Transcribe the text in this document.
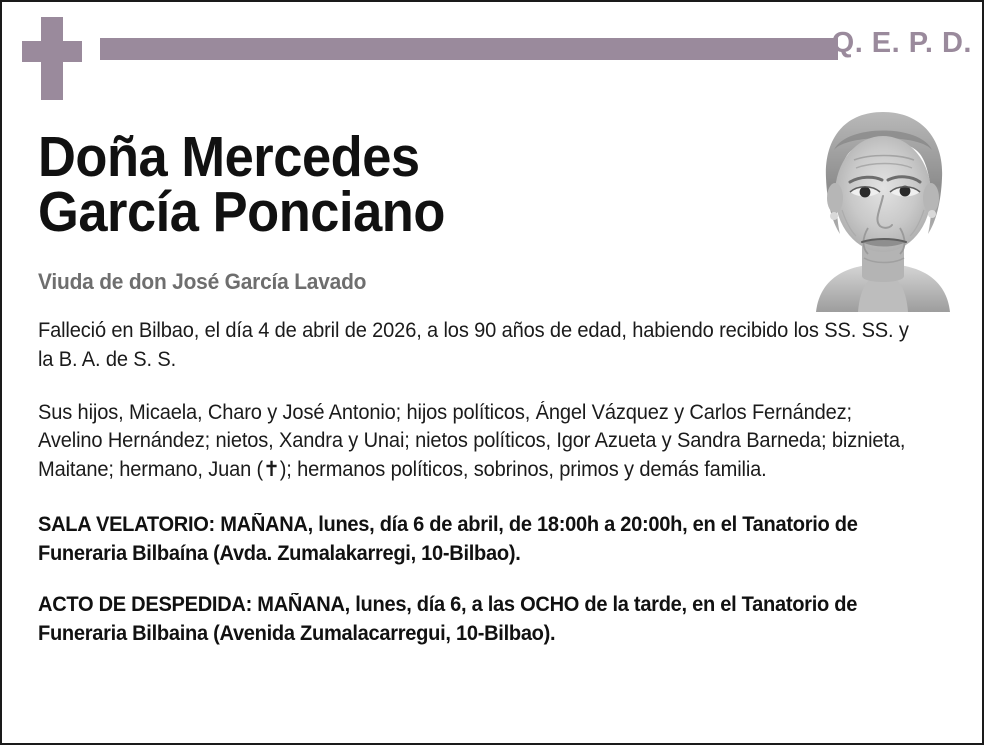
Q. E. P. D.
Doña Mercedes
García Ponciano
Viuda de don José García Lavado
Falleció en Bilbao, el día 4 de abril de 2026, a los 90 años de edad, habiendo recibido los SS. SS. y la B. A. de S. S.
Sus hijos, Micaela, Charo y José Antonio; hijos políticos, Ángel Vázquez y Carlos Fernández; Avelino Hernández; nietos, Xandra y Unai; nietos políticos, Igor Azueta y Sandra Barneda; biznieta, Maitane; hermano, Juan (✝); hermanos políticos, sobrinos, primos y demás familia.
SALA VELATORIO: MAÑANA, lunes, día 6 de abril, de 18:00h a 20:00h, en el Tanatorio de Funeraria Bilbaína (Avda. Zumalakarregi, 10-Bilbao).
ACTO DE DESPEDIDA: MAÑANA, lunes, día 6, a las OCHO de la tarde, en el Tanatorio de Funeraria Bilbaina (Avenida Zumalacarregui, 10-Bilbao).
